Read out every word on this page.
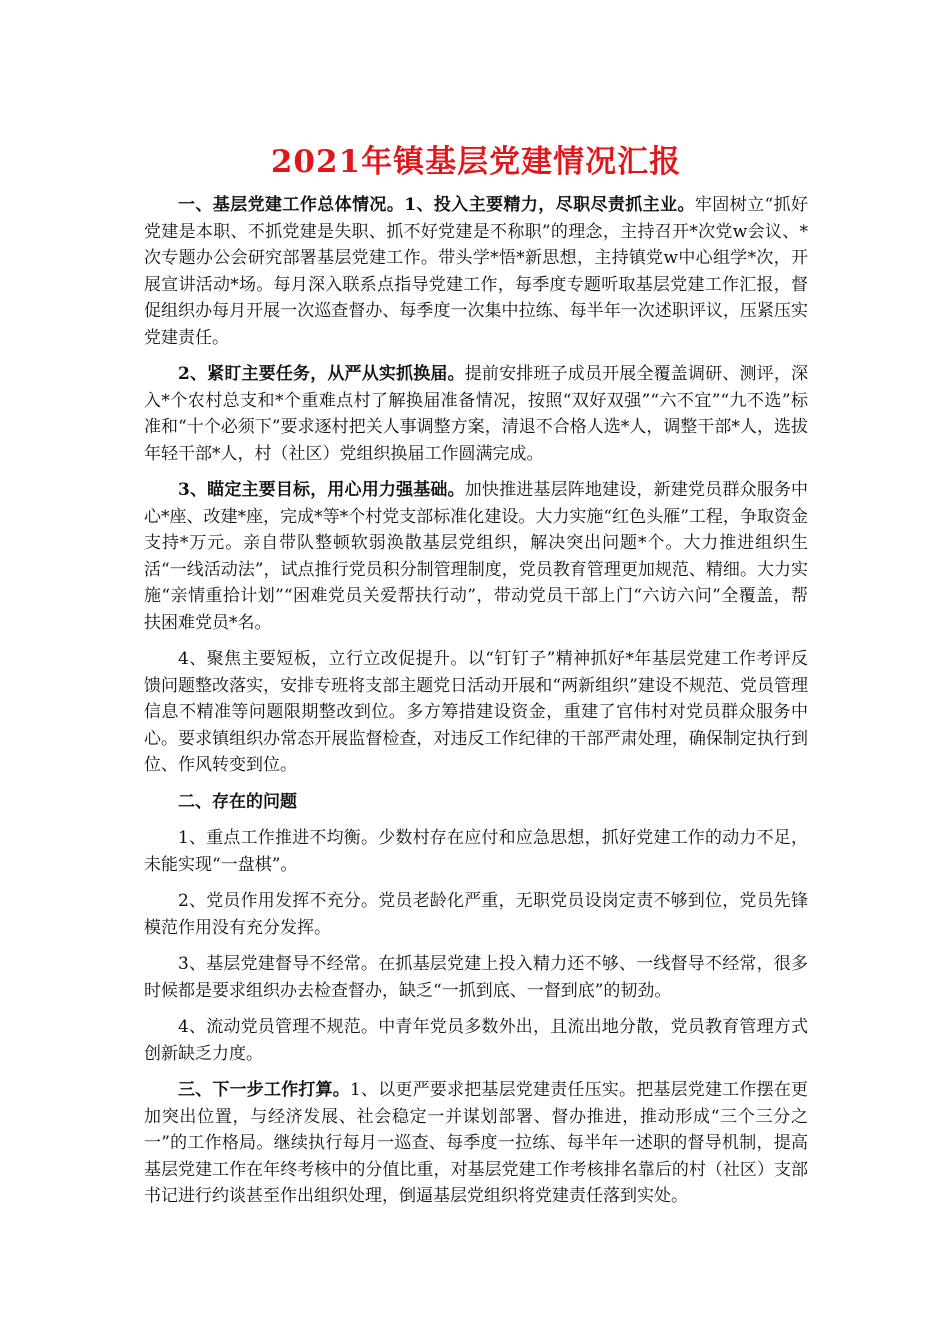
2021年镇基层党建情况汇报

一、基层党建工作总体情况。1、投入主要精力，尽职尽责抓主业。牢固树立“抓好党建是本职、不抓党建是失职、抓不好党建是不称职”的理念，主持召开*次党w会议、*次专题办公会研究部署基层党建工作。带头学*悟*新思想，主持镇党w中心组学*次，开展宣讲活动*场。每月深入联系点指导党建工作，每季度专题听取基层党建工作汇报，督促组织办每月开展一次巡查督办、每季度一次集中拉练、每半年一次述职评议，压紧压实党建责任。

2、紧盯主要任务，从严从实抓换届。提前安排班子成员开展全覆盖调研、测评，深入*个农村总支和*个重难点村了解换届准备情况，按照“双好双强”“六不宜”“九不选”标准和“十个必须下”要求逐村把关人事调整方案，清退不合格人选*人，调整干部*人，选拔年轻干部*人，村（社区）党组织换届工作圆满完成。

3、瞄定主要目标，用心用力强基础。加快推进基层阵地建设，新建党员群众服务中心*座、改建*座，完成*等*个村党支部标准化建设。大力实施“红色头雁”工程，争取资金支持*万元。亲自带队整顿软弱涣散基层党组织，解决突出问题*个。大力推进组织生活“一线活动法”，试点推行党员积分制管理制度，党员教育管理更加规范、精细。大力实施“亲情重拾计划”“困难党员关爱帮扶行动”，带动党员干部上门“六访六问”全覆盖，帮扶困难党员*名。

4、聚焦主要短板，立行立改促提升。以“钉钉子”精神抓好*年基层党建工作考评反馈问题整改落实，安排专班将支部主题党日活动开展和“两新组织”建设不规范、党员管理信息不精准等问题限期整改到位。多方筹措建设资金，重建了官伟村对党员群众服务中心。要求镇组织办常态开展监督检查，对违反工作纪律的干部严肃处理，确保制定执行到位、作风转变到位。

二、存在的问题

1、重点工作推进不均衡。少数村存在应付和应急思想，抓好党建工作的动力不足，未能实现“一盘棋”。

2、党员作用发挥不充分。党员老龄化严重，无职党员设岗定责不够到位，党员先锋模范作用没有充分发挥。

3、基层党建督导不经常。在抓基层党建上投入精力还不够、一线督导不经常，很多时候都是要求组织办去检查督办，缺乏“一抓到底、一督到底”的韧劲。

4、流动党员管理不规范。中青年党员多数外出，且流出地分散，党员教育管理方式创新缺乏力度。

三、下一步工作打算。1、以更严要求把基层党建责任压实。把基层党建工作摆在更加突出位置，与经济发展、社会稳定一并谋划部署、督办推进，推动形成“三个三分之一”的工作格局。继续执行每月一巡查、每季度一拉练、每半年一述职的督导机制，提高基层党建工作在年终考核中的分值比重，对基层党建工作考核排名靠后的村（社区）支部书记进行约谈甚至作出组织处理，倒逼基层党组织将党建责任落到实处。
